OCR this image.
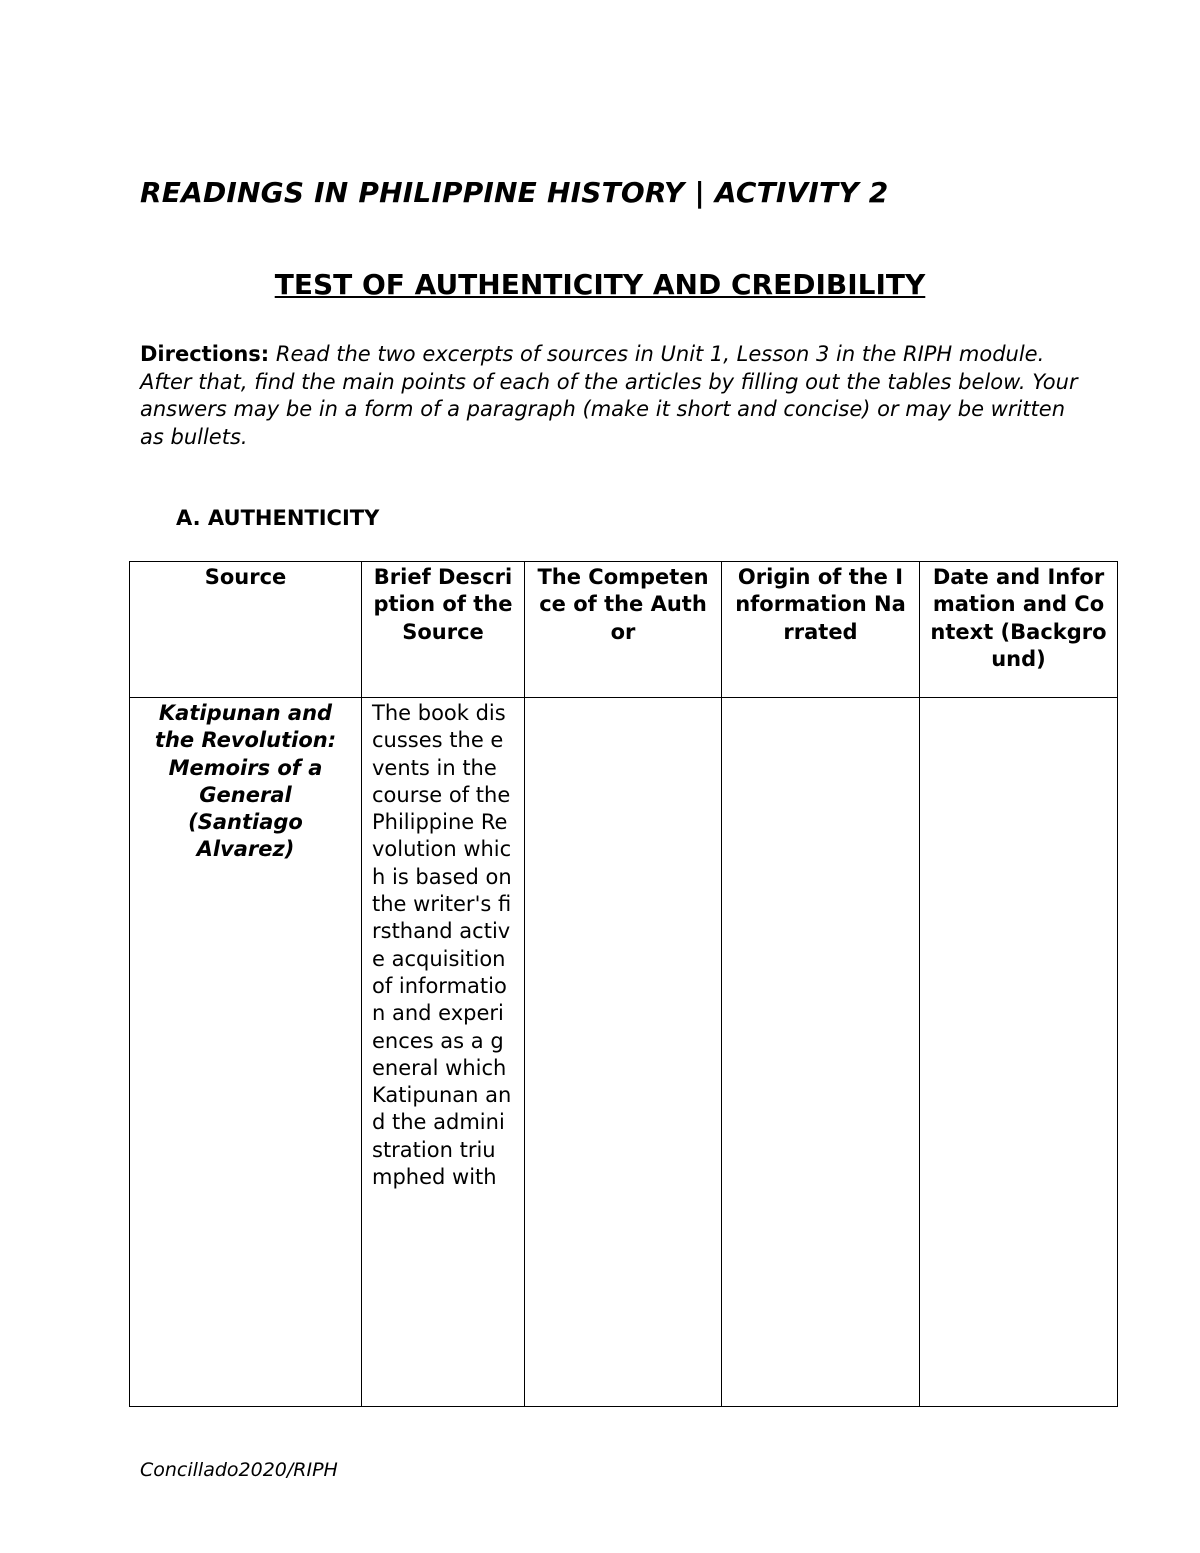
READINGS IN PHILIPPINE HISTORY | ACTIVITY 2
TEST OF AUTHENTICITY AND CREDIBILITY

Directions: Read the two excerpts of sources in Unit 1, Lesson 3 in the RIPH module. After that, find the main points of each of the articles by filling out the tables below. Your answers may be in a form of a paragraph (make it short and concise) or may be written as bullets.

A. AUTHENTICITY
Source	Brief Description of the Source	The Competence of the Author	Origin of the Information Narrated	Date and Information and Context (Background)
Katipunan and the Revolution: Memoirs of a General (Santiago Alvarez)	The book discusses the events in the course of the Philippine Revolution which is based on the writer's firsthand active acquisition of information and experiences as a general which Katipunan and the administration triumphed with			

Concillado2020/RIPH
